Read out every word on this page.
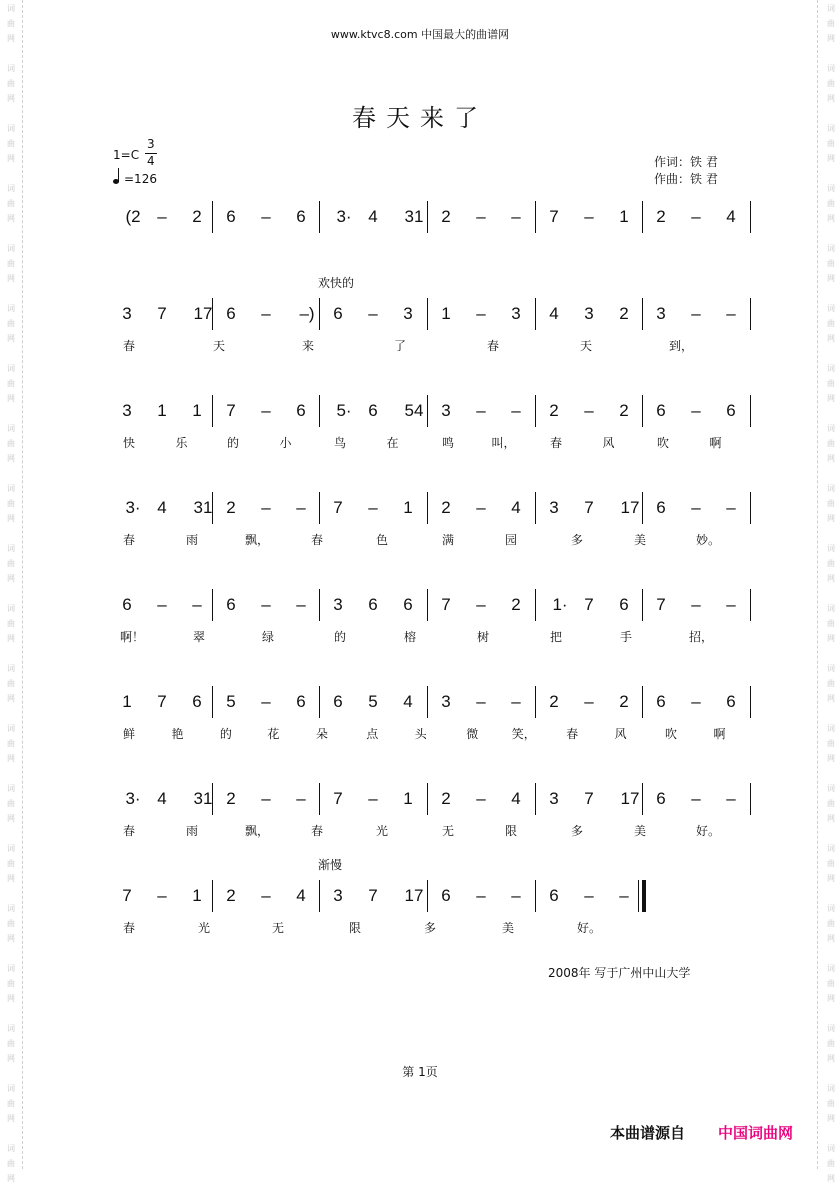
词
曲
网
词
曲
网
词
曲
网
词
曲
网
词
曲
网
词
曲
网
词
曲
网
词
曲
网
词
曲
网
词
曲
网
词
曲
网
词
曲
网
词
曲
网
词
曲
网
词
曲
网
词
曲
网
词
曲
网
词
曲
网
词
曲
网
词
曲
网
词
曲
网
词
曲
网
词
曲
网
词
曲
网
词
曲
网
词
曲
网
词
曲
网
词
曲
网
词
曲
网
词
曲
网
词
曲
网
词
曲
网
词
曲
网
词
曲
网
词
曲
网
词
曲
网
词
曲
网
词
曲
网
词
曲
网
词
曲
网
www.ktvc8.com 中国最大的曲谱网
春天来了
1=C
3
4
=126
作词：铁 君
作曲：铁 君
(2 – 2 6 – 6	3· 4 31 2 – – 7 – 1 2 – 4
3 7 17 6 –	–)	6 – 3 1 – 3 4 3 2 3 – –
春	天	来	了	春	天	到，
欢快的
3 1 1 7 – 6	5· 6 54 3 – – 2 – 2 6 – 6
快	乐	的	小	鸟	在	鸣	叫，	春	风	吹	啊
3· 4 31 2 – – 7 – 1 2 – 4 3 7 17 6 – –
春	雨	飘，	春	色	满	园	多	美	妙。
6 – – 6 – – 3 6 6 7 – 2	1· 7 6 7 – –
啊！	翠	绿	的	榕	树	把	手	招，
1 7 6 5 – 6 6 5 4 3 – – 2 – 2 6 – 6
鲜	艳	的	花	朵	点	头	微	笑，	春	风	吹	啊
3· 4 31 2 – – 7 – 1 2 – 4 3 7 17 6 – –
春	雨	飘，	春	光	无	限	多	美	好。
7 – 1 2 – 4 3 7 17 6 – – 6 – –
春	光	无	限	多	美	好。
渐慢
2008年 写于广州中山大学
第 1页
本曲谱源自 中国词曲网
